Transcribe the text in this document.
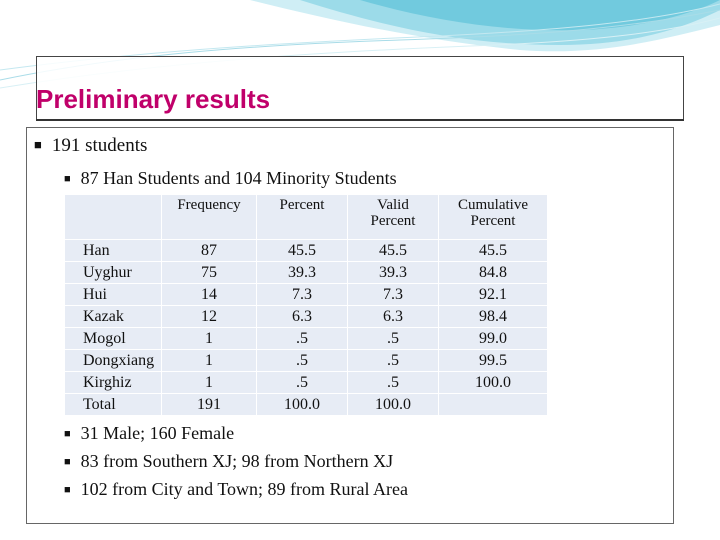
Preliminary results
■ 191 students
■ 87 Han Students and 104 Minority Students
	Frequency	Percent	Valid Percent	Cumulative Percent
Han	87	45.5	45.5	45.5
Uyghur	75	39.3	39.3	84.8
Hui	14	7.3	7.3	92.1
Kazak	12	6.3	6.3	98.4
Mogol	1	.5	.5	99.0
Dongxiang	1	.5	.5	99.5
Kirghiz	1	.5	.5	100.0
Total	191	100.0	100.0	
■ 31 Male; 160 Female
■ 83 from Southern XJ; 98 from Northern XJ
■ 102 from City and Town; 89 from Rural Area
